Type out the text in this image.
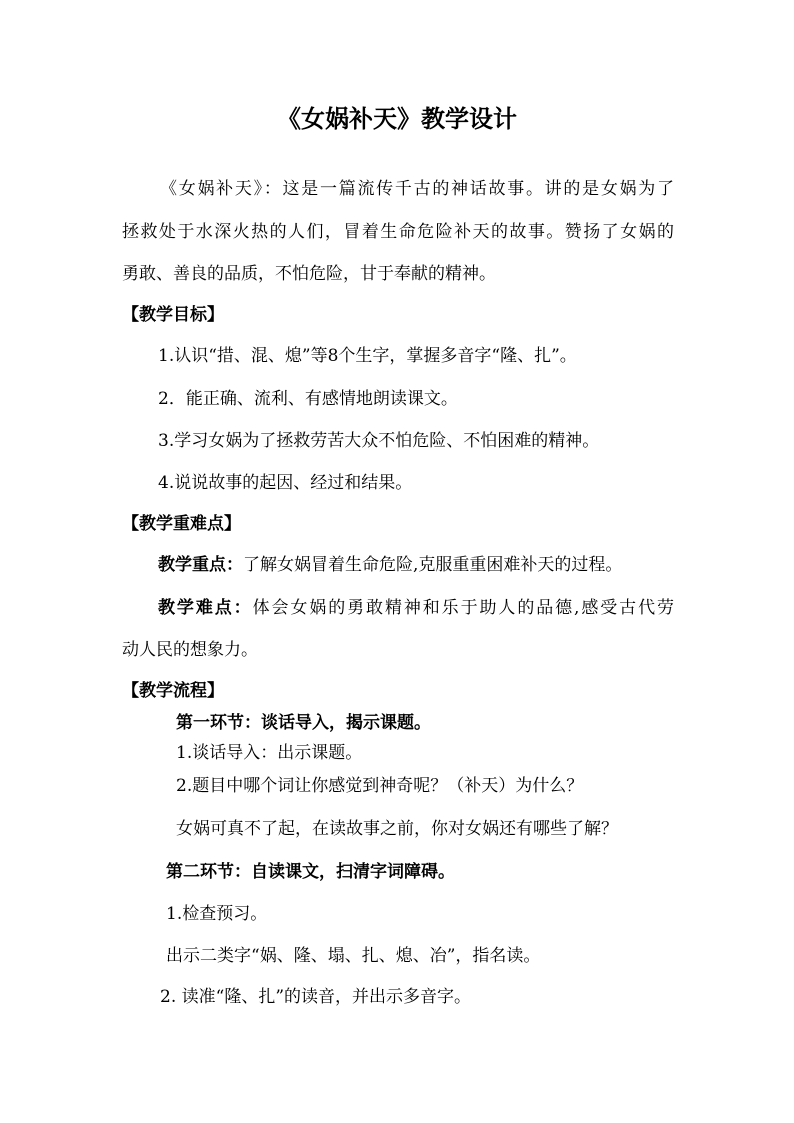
《女娲补天》教学设计
《女娲补天》：这是一篇流传千古的神话故事。讲的是女娲为了
拯救处于水深火热的人们，冒着生命危险补天的故事。赞扬了女娲的
勇敢、善良的品质，不怕危险，甘于奉献的精神。
【教学目标】
1.认识“措、混、熄”等8个生字，掌握多音字“隆、扎”。
2．能正确、流利、有感情地朗读课文。
3.学习女娲为了拯救劳苦大众不怕危险、不怕困难的精神。
4.说说故事的起因、经过和结果。
【教学重难点】
教学重点：了解女娲冒着生命危险,克服重重困难补天的过程。
教学难点：体会女娲的勇敢精神和乐于助人的品德,感受古代劳
动人民的想象力。
【教学流程】
第一环节：谈话导入，揭示课题。
1.谈话导入：出示课题。
2.题目中哪个词让你感觉到神奇呢？（补天）为什么？
女娲可真不了起，在读故事之前，你对女娲还有哪些了解？
第二环节：自读课文，扫清字词障碍。
1.检查预习。
出示二类字“娲、隆、塌、扎、熄、冶”，指名读。
2. 读准“隆、扎”的读音，并出示多音字。
